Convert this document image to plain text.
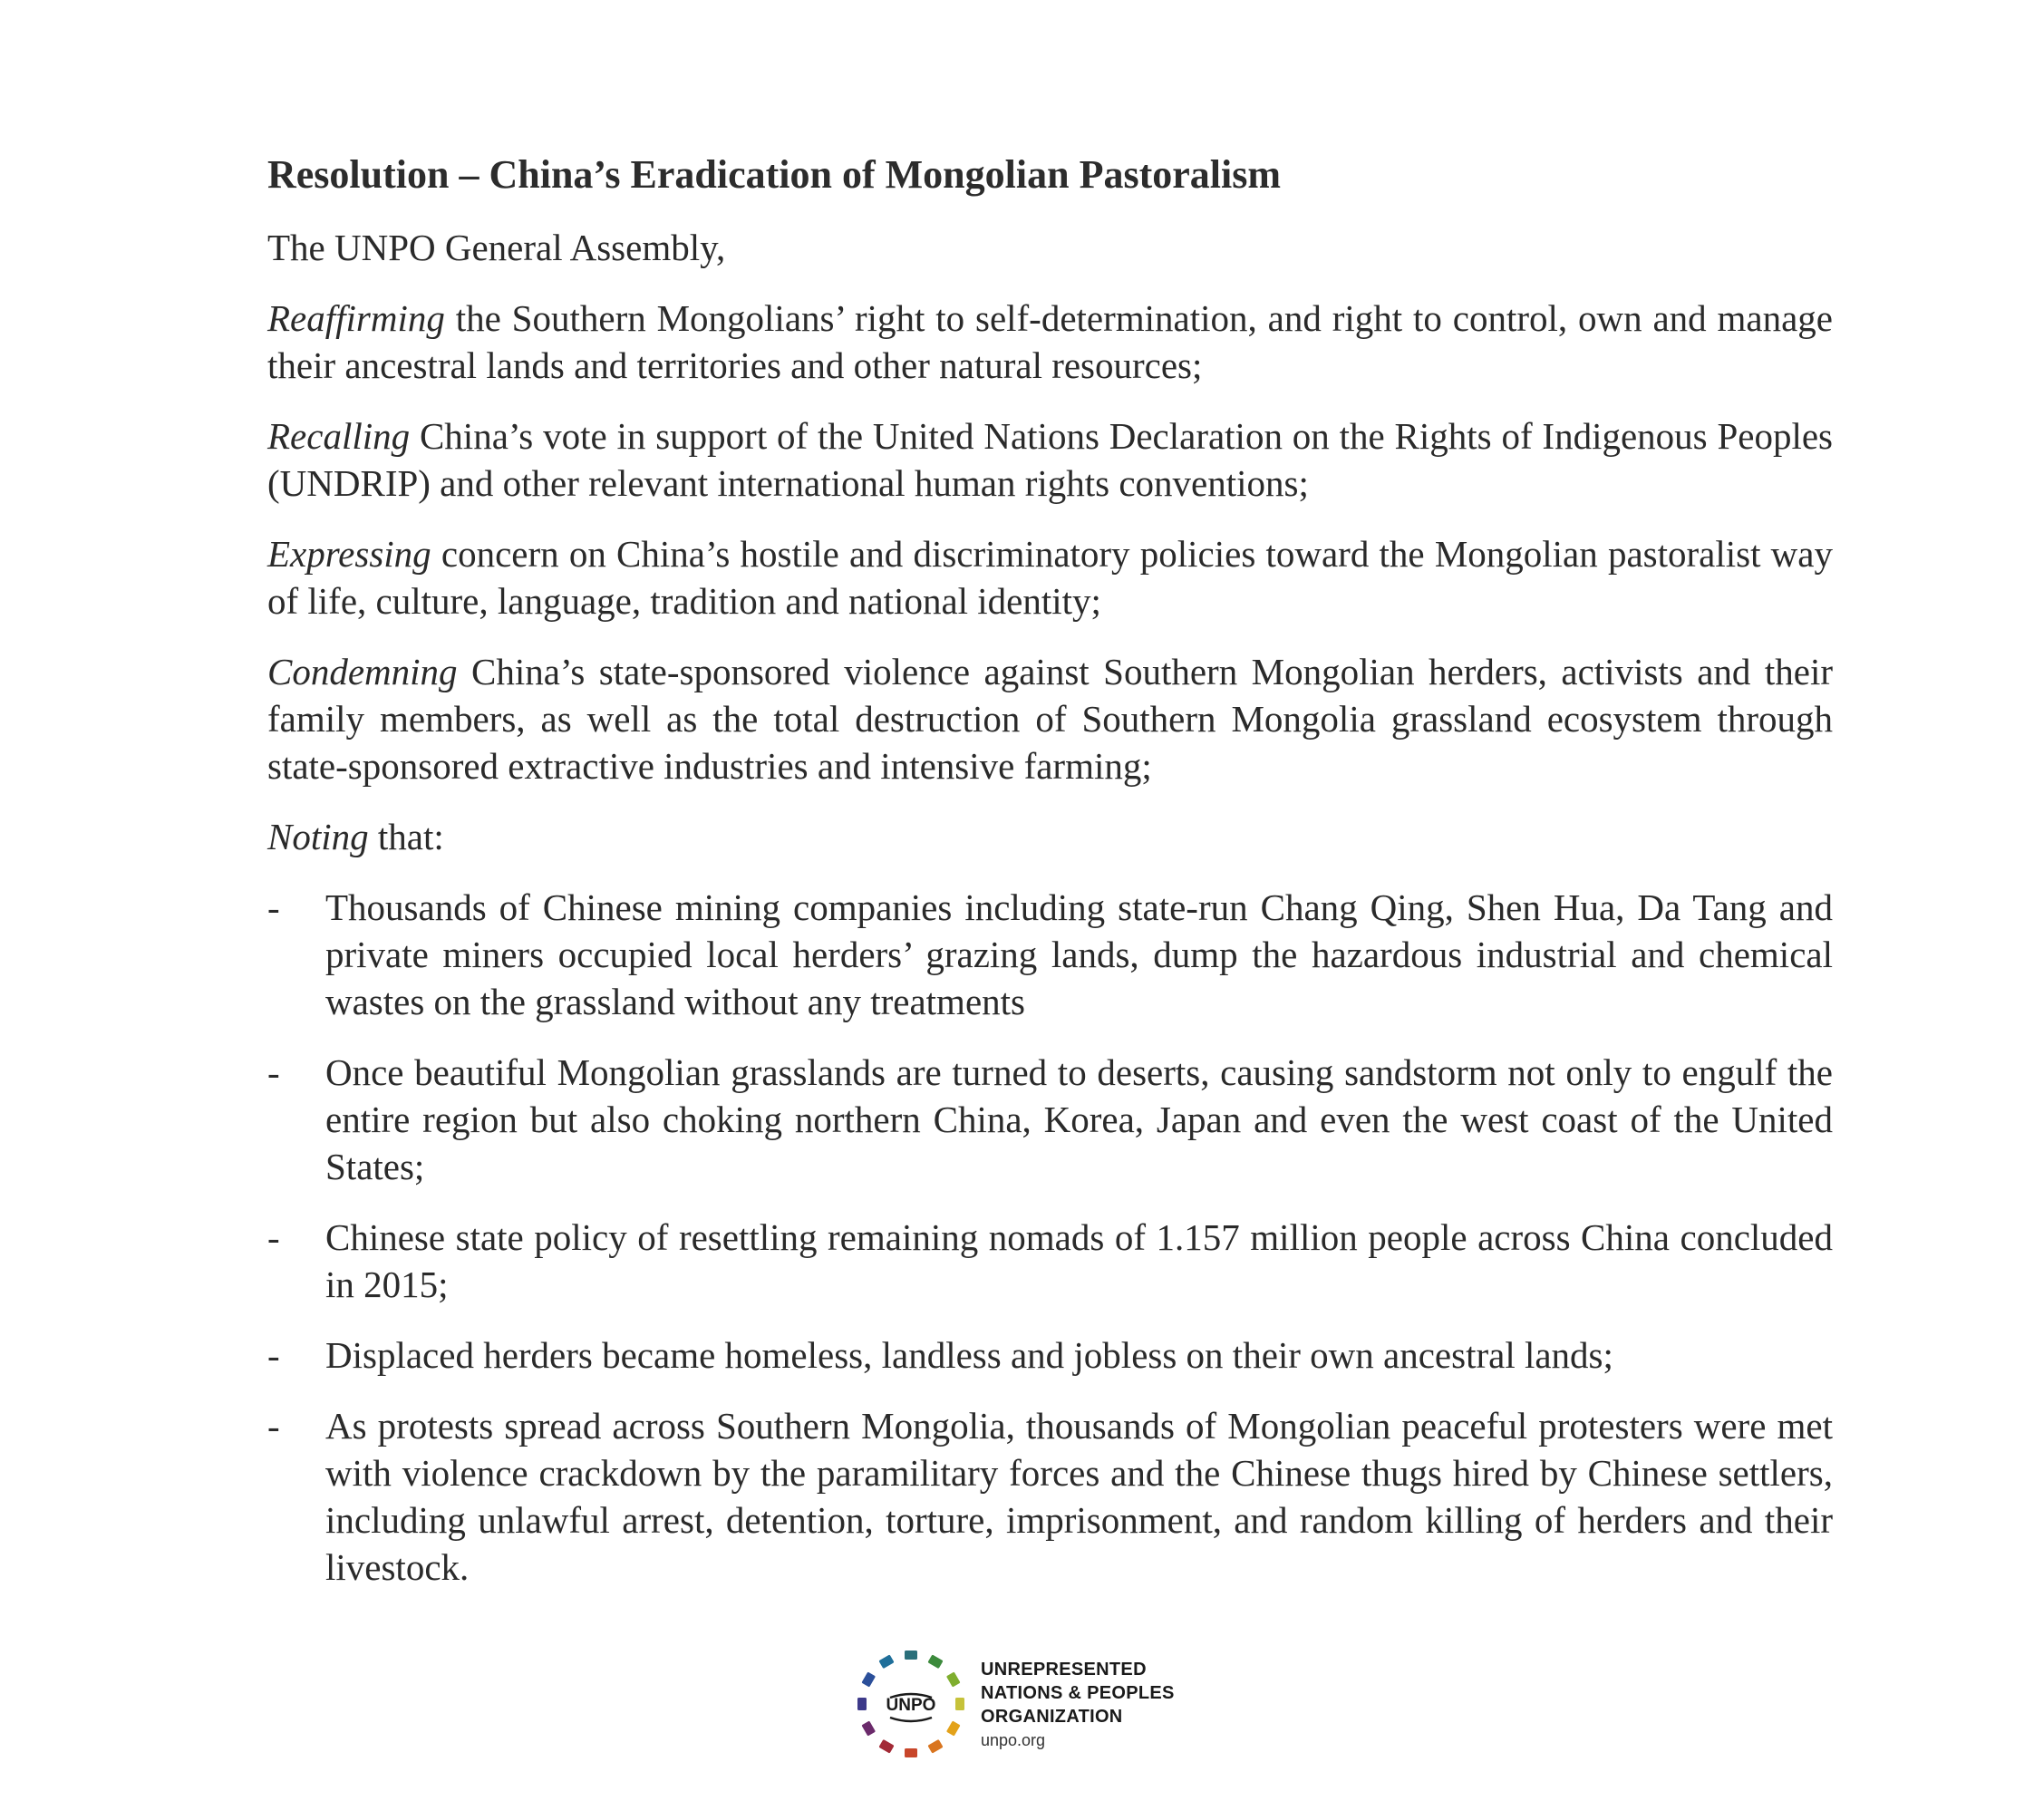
Resolution – China’s Eradication of Mongolian Pastoralism

The UNPO General Assembly,

Reaffirming the Southern Mongolians’ right to self-determination, and right to control, own and manage their ancestral lands and territories and other natural resources;

Recalling China’s vote in support of the United Nations Declaration on the Rights of Indigenous Peoples (UNDRIP) and other relevant international human rights conventions;

Expressing concern on China’s hostile and discriminatory policies toward the Mongolian pastoralist way of life, culture, language, tradition and national identity;

Condemning China’s state-sponsored violence against Southern Mongolian herders, activists and their family members, as well as the total destruction of Southern Mongolia grassland ecosystem through state-sponsored extractive industries and intensive farming;

Noting that:

-	Thousands of Chinese mining companies including state-run Chang Qing, Shen Hua, Da Tang and private miners occupied local herders’ grazing lands, dump the hazardous industrial and chemical wastes on the grassland without any treatments
-	Once beautiful Mongolian grasslands are turned to deserts, causing sandstorm not only to engulf the entire region but also choking northern China, Korea, Japan and even the west coast of the United States;
-	Chinese state policy of resettling remaining nomads of 1.157 million people across China concluded in 2015;
-	Displaced herders became homeless, landless and jobless on their own ancestral lands;
-	As protests spread across Southern Mongolia, thousands of Mongolian peaceful protesters were met with violence crackdown by the paramilitary forces and the Chinese thugs hired by Chinese settlers, including unlawful arrest, detention, torture, imprisonment, and random killing of herders and their livestock.
UNPO
UNREPRESENTED
NATIONS & PEOPLES
ORGANIZATION
unpo.org
